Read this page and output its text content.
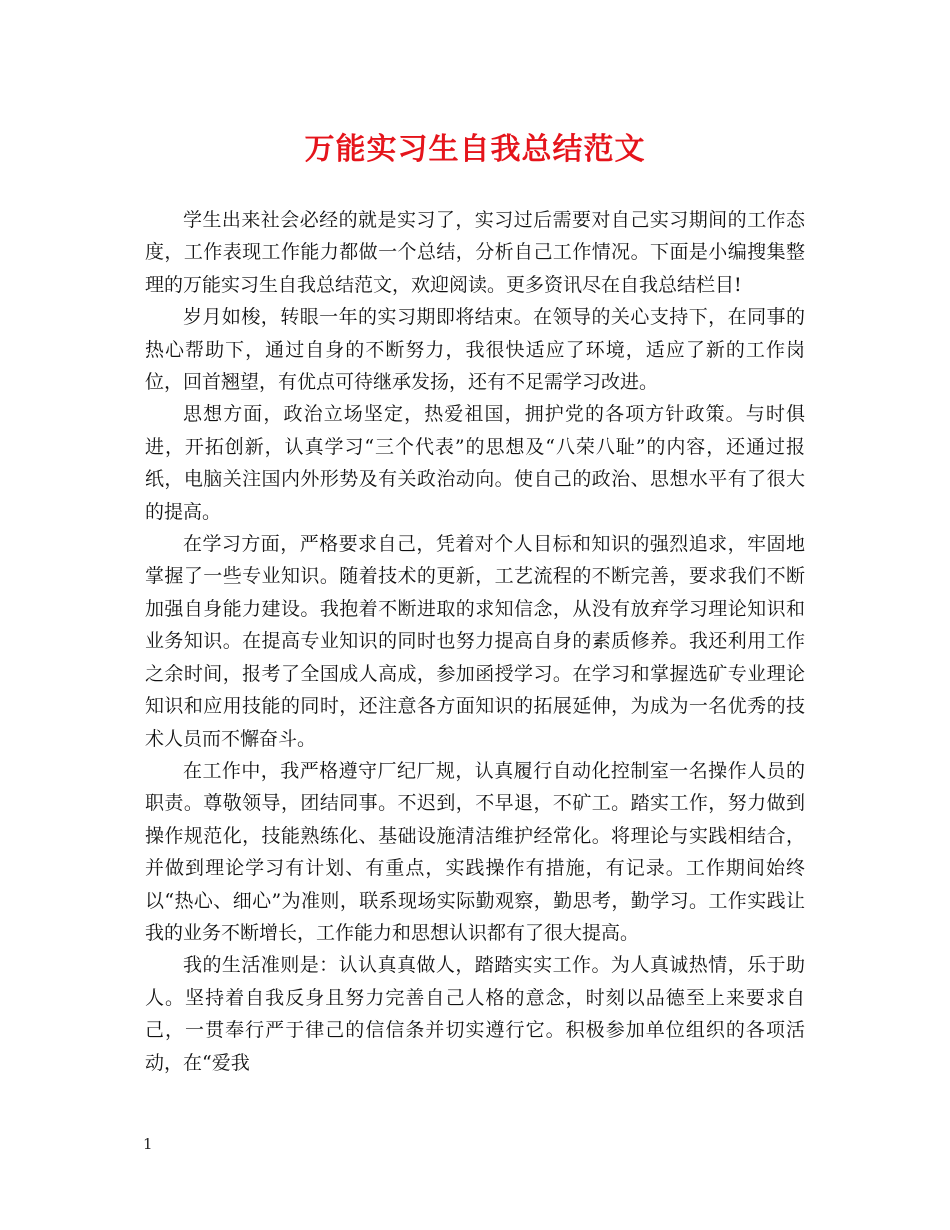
万能实习生自我总结范文

学生出来社会必经的就是实习了，实习过后需要对自己实习期间的工作态度，工作表现工作能力都做一个总结，分析自己工作情况。下面是小编搜集整理的万能实习生自我总结范文，欢迎阅读。更多资讯尽在自我总结栏目!

岁月如梭，转眼一年的实习期即将结束。在领导的关心支持下，在同事的热心帮助下，通过自身的不断努力，我很快适应了环境，适应了新的工作岗位，回首翘望，有优点可待继承发扬，还有不足需学习改进。

思想方面，政治立场坚定，热爱祖国，拥护党的各项方针政策。与时俱进，开拓创新，认真学习“三个代表”的思想及“八荣八耻”的内容，还通过报纸，电脑关注国内外形势及有关政治动向。使自己的政治、思想水平有了很大的提高。

在学习方面，严格要求自己，凭着对个人目标和知识的强烈追求，牢固地掌握了一些专业知识。随着技术的更新，工艺流程的不断完善，要求我们不断加强自身能力建设。我抱着不断进取的求知信念，从没有放弃学习理论知识和业务知识。在提高专业知识的同时也努力提高自身的素质修养。我还利用工作之余时间，报考了全国成人高成，参加函授学习。在学习和掌握选矿专业理论知识和应用技能的同时，还注意各方面知识的拓展延伸，为成为一名优秀的技术人员而不懈奋斗。

在工作中，我严格遵守厂纪厂规，认真履行自动化控制室一名操作人员的职责。尊敬领导，团结同事。不迟到，不早退，不矿工。踏实工作，努力做到操作规范化，技能熟练化、基础设施清洁维护经常化。将理论与实践相结合，并做到理论学习有计划、有重点，实践操作有措施，有记录。工作期间始终以“热心、细心”为准则，联系现场实际勤观察，勤思考，勤学习。工作实践让我的业务不断增长，工作能力和思想认识都有了很大提高。

我的生活准则是：认认真真做人，踏踏实实工作。为人真诚热情，乐于助人。坚持着自我反身且努力完善自己人格的意念，时刻以品德至上来要求自己，一贯奉行严于律己的信信条并切实遵行它。积极参加单位组织的各项活动，在“爱我

1
